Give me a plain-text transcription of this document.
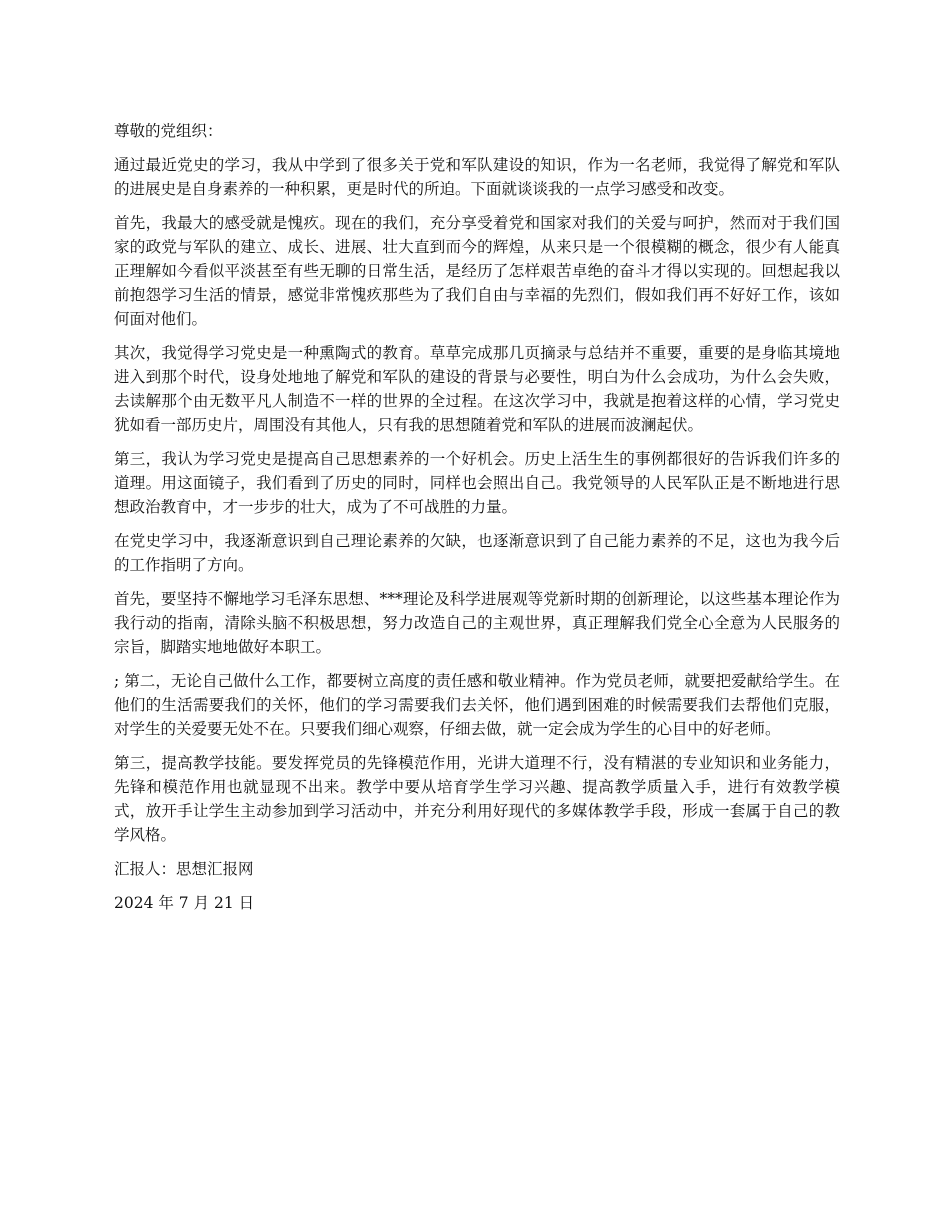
尊敬的党组织：

通过最近党史的学习，我从中学到了很多关于党和军队建设的知识，作为一名老师，我觉得了解党和军队的进展史是自身素养的一种积累，更是时代的所迫。下面就谈谈我的一点学习感受和改变。

首先，我最大的感受就是愧疚。现在的我们，充分享受着党和国家对我们的关爱与呵护，然而对于我们国家的政党与军队的建立、成长、进展、壮大直到而今的辉煌，从来只是一个很模糊的概念，很少有人能真正理解如今看似平淡甚至有些无聊的日常生活，是经历了怎样艰苦卓绝的奋斗才得以实现的。回想起我以前抱怨学习生活的情景，感觉非常愧疚那些为了我们自由与幸福的先烈们，假如我们再不好好工作，该如何面对他们。

其次，我觉得学习党史是一种熏陶式的教育。草草完成那几页摘录与总结并不重要，重要的是身临其境地进入到那个时代，设身处地地了解党和军队的建设的背景与必要性，明白为什么会成功，为什么会失败，去读解那个由无数平凡人制造不一样的世界的全过程。在这次学习中，我就是抱着这样的心情，学习党史犹如看一部历史片，周围没有其他人，只有我的思想随着党和军队的进展而波澜起伏。

第三，我认为学习党史是提高自己思想素养的一个好机会。历史上活生生的事例都很好的告诉我们许多的道理。用这面镜子，我们看到了历史的同时，同样也会照出自己。我党领导的人民军队正是不断地进行思想政治教育中，才一步步的壮大，成为了不可战胜的力量。

在党史学习中，我逐渐意识到自己理论素养的欠缺，也逐渐意识到了自己能力素养的不足，这也为我今后的工作指明了方向。

首先，要坚持不懈地学习毛泽东思想、***理论及科学进展观等党新时期的创新理论，以这些基本理论作为我行动的指南，清除头脑不积极思想，努力改造自己的主观世界，真正理解我们党全心全意为人民服务的宗旨，脚踏实地地做好本职工。

; 第二，无论自己做什么工作，都要树立高度的责任感和敬业精神。作为党员老师，就要把爱献给学生。在他们的生活需要我们的关怀，他们的学习需要我们去关怀，他们遇到困难的时候需要我们去帮他们克服，对学生的关爱要无处不在。只要我们细心观察，仔细去做，就一定会成为学生的心目中的好老师。

第三，提高教学技能。要发挥党员的先锋模范作用，光讲大道理不行，没有精湛的专业知识和业务能力，先锋和模范作用也就显现不出来。教学中要从培育学生学习兴趣、提高教学质量入手，进行有效教学模式，放开手让学生主动参加到学习活动中，并充分利用好现代的多媒体教学手段，形成一套属于自己的教学风格。

汇报人：思想汇报网

2024 年 7 月 21 日
